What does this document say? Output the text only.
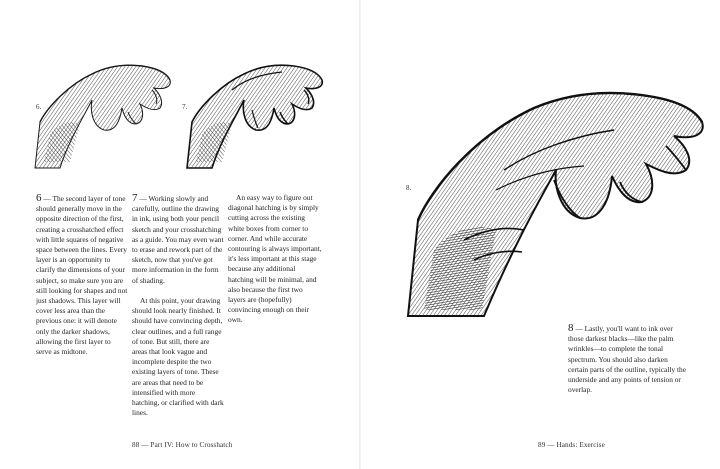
6.	7.

6 — The second layer of tone should generally move in the opposite direction of the first, creating a crosshatched effect with little squares of negative space between the lines. Every layer is an opportunity to clarify the dimensions of your subject, so make sure you are still looking for shapes and not just shadows. This layer will cover less area than the previous one: it will denote only the darker shadows, allowing the first layer to serve as midtone.

7 — Working slowly and carefully, outline the drawing in ink, using both your pencil sketch and your crosshatching as a guide. You may even want to erase and rework part of the sketch, now that you've got more information in the form of shading.

At this point, your drawing should look nearly finished. It should have convincing depth, clear outlines, and a full range of tone. But still, there are areas that look vague and incomplete despite the two existing layers of tone. These are areas that need to be intensified with more hatching, or clarified with dark lines.

An easy way to figure out diagonal hatching is by simply cutting across the existing white boxes from corner to corner. And while accurate contouring is always important, it's less important at this stage because any additional hatching will be minimal, and also because the first two layers are (hopefully) convincing enough on their own.

88 — Part IV: How to Crosshatch
8.

8 — Lastly, you'll want to ink over those darkest blacks—like the palm wrinkles—to complete the tonal spectrum. You should also darken certain parts of the outline, typically the underside and any points of tension or overlap.

89 — Hands: Exercise
